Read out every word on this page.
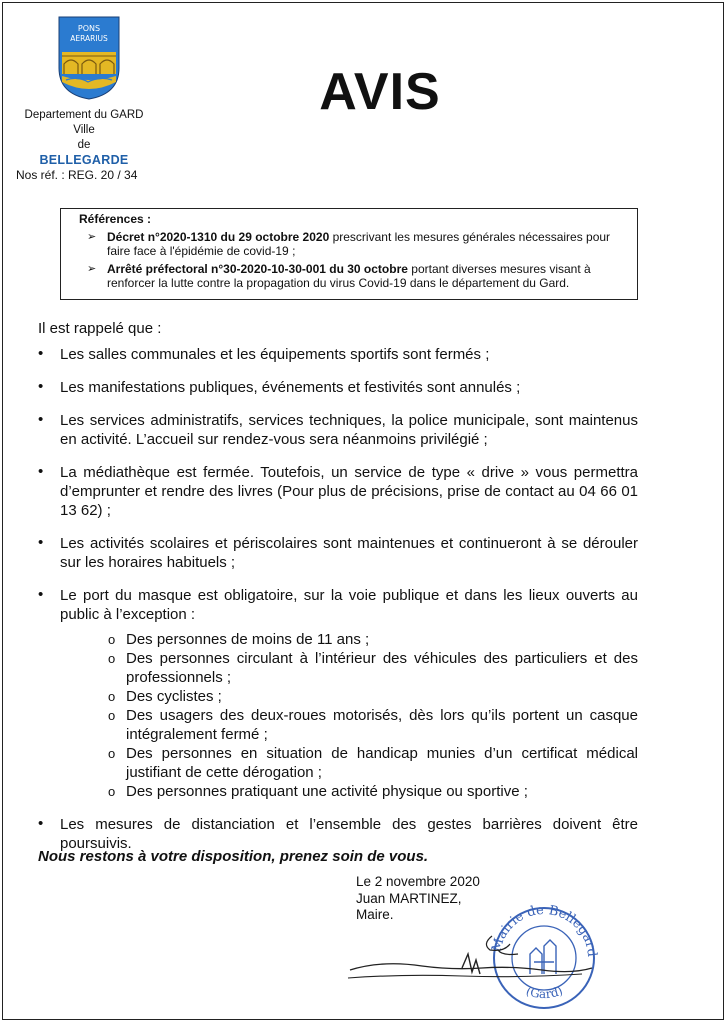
PONS
AERARIUS
Departement du GARD
Ville
de
BELLEGARDE
Nos réf. : REG. 20 / 34
AVIS
Références :
➢ Décret n°2020-1310 du 29 octobre 2020 prescrivant les mesures générales nécessaires pour faire face à l'épidémie de covid-19 ;
➢ Arrêté préfectoral n°30-2020-10-30-001 du 30 octobre portant diverses mesures visant à renforcer la lutte contre la propagation du virus Covid-19 dans le département du Gard.
Il est rappelé que :
• Les salles communales et les équipements sportifs sont fermés ;
• Les manifestations publiques, événements et festivités sont annulés ;
• Les services administratifs, services techniques, la police municipale, sont maintenus en activité. L’accueil sur rendez-vous sera néanmoins privilégié ;
• La médiathèque est fermée. Toutefois, un service de type « drive » vous permettra d’emprunter et rendre des livres (Pour plus de précisions, prise de contact au 04 66 01 13 62) ;
• Les activités scolaires et périscolaires sont maintenues et continueront à se dérouler sur les horaires habituels ;
• Le port du masque est obligatoire, sur la voie publique et dans les lieux ouverts au public à l’exception :
o Des personnes de moins de 11 ans ;
o Des personnes circulant à l’intérieur des véhicules des particuliers et des professionnels ;
o Des cyclistes ;
o Des usagers des deux-roues motorisés, dès lors qu’ils portent un casque intégralement fermé ;
o Des personnes en situation de handicap munies d’un certificat médical justifiant de cette dérogation ;
o Des personnes pratiquant une activité physique ou sportive ;
• Les mesures de distanciation et l’ensemble des gestes barrières doivent être poursuivis.
Nous restons à votre disposition, prenez soin de vous.
Le 2 novembre 2020
Juan MARTINEZ,
Maire.
Mairie de Bellegard
(Gard)
